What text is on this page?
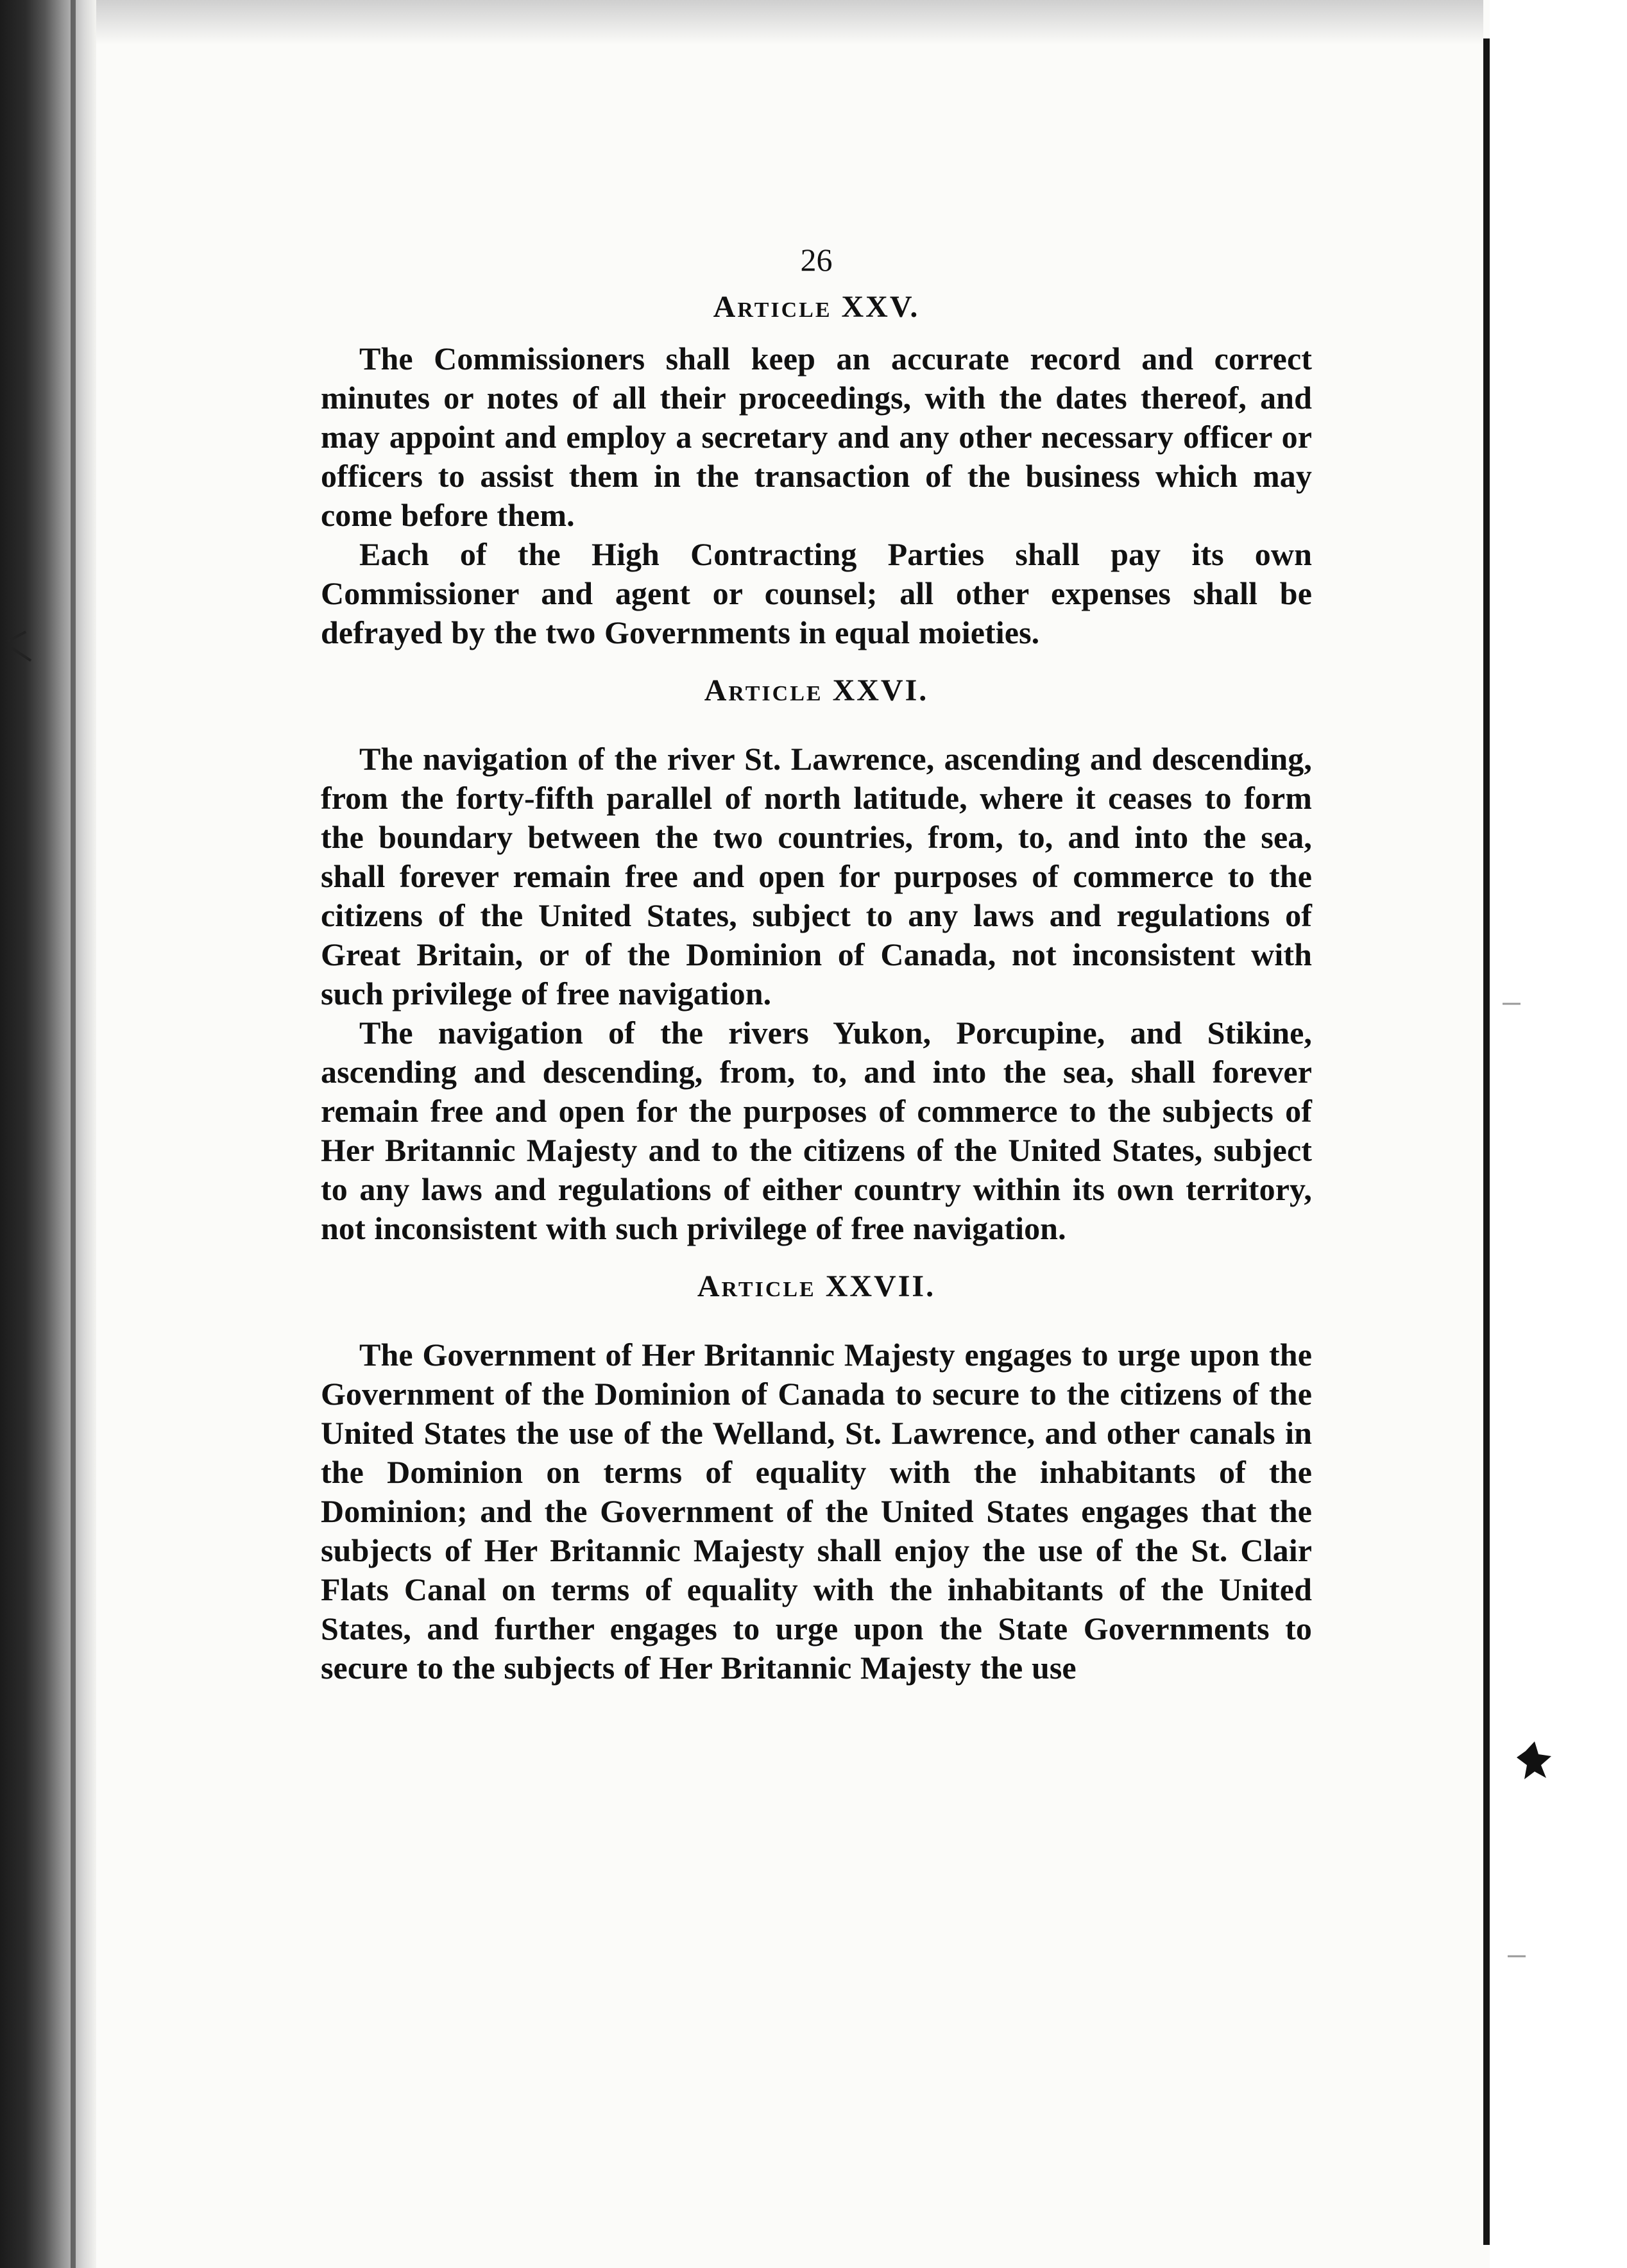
26
Article XXV.

The Commissioners shall keep an accurate record and correct minutes or notes of all their proceedings, with the dates thereof, and may appoint and employ a secretary and any other necessary officer or officers to assist them in the transaction of the business which may come before them.

Each of the High Contracting Parties shall pay its own Commissioner and agent or counsel; all other expenses shall be defrayed by the two Governments in equal moieties.

Article XXVI.

The navigation of the river St. Lawrence, ascending and descending, from the forty-fifth parallel of north latitude, where it ceases to form the boundary between the two countries, from, to, and into the sea, shall forever remain free and open for purposes of commerce to the citizens of the United States, subject to any laws and regulations of Great Britain, or of the Dominion of Canada, not inconsistent with such privilege of free navigation.

The navigation of the rivers Yukon, Porcupine, and Stikine, ascending and descending, from, to, and into the sea, shall forever remain free and open for the purposes of commerce to the subjects of Her Britannic Majesty and to the citizens of the United States, subject to any laws and regulations of either country within its own territory, not inconsistent with such privilege of free navigation.

Article XXVII.

The Government of Her Britannic Majesty engages to urge upon the Government of the Dominion of Canada to secure to the citizens of the United States the use of the Welland, St. Lawrence, and other canals in the Dominion on terms of equality with the inhabitants of the Dominion; and the Government of the United States engages that the subjects of Her Britannic Majesty shall enjoy the use of the St. Clair Flats Canal on terms of equality with the inhabitants of the United States, and further engages to urge upon the State Governments to secure to the subjects of Her Britannic Majesty the use
